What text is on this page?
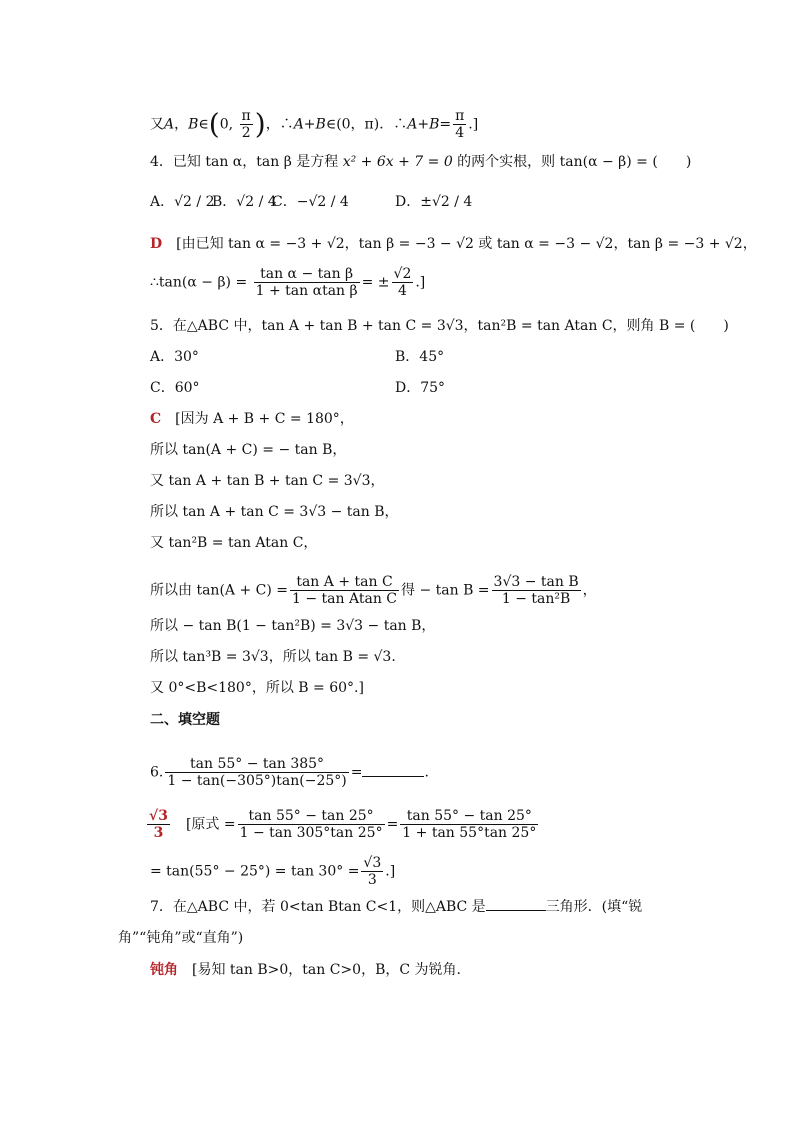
又A，B∈(0, $\frac{\pi}{2}$ )，∴A+B∈(0，π)．∴A+B= $\frac{\pi}{4}$ .]
4．已知 tan α，tan β 是方程 x² + 6x + 7 = 0 的两个实根，则 tan(α − β) = (　　)
A．√2 / 2
B．√2 / 4
C．−√2 / 4	D．±√2 / 4
D　 [由已知 tan α = −3 + √2，tan β = −3 − √2 或 tan α = −3 − √2，tan β = −3 + √2，
∴tan(α − $\beta) = \frac{\text{tan α − tan β}}{\text{1 + tan αtan β}}$ = ± $\frac{√2}{4}$ .]
5．在△ABC 中，tan A + tan B + tan C = 3√3，tan²B = tan Atan C，则角 B = (　　)
A．30°	B．45°
C．60°	D．75°
C　 [因为 A + B + C = 180°，
所以 tan(A + C) = − tan B，
又 tan A + tan B + tan C = 3√3，
所以 tan A + tan C = 3√3 − tan B，
又 tan²B = tan Atan C，
所以由 $\tan(A + C) = \frac{\text{tan A + tan C}}{\text{1 − tan Atan C}}$ 得 − $\tan B = \frac{\text{3√3 − tan B}}{\text{1 − tan²B}}$ ，
所以 − tan B(1 − tan²B) = 3√3 − tan B，
所以 tan³B = 3√3，所以 tan B = √3.
又 0°<B<180°，所以 B = 60°.]
二、填空题
6. $\frac{\tan 55^\circ - \tan 385^\circ}{1 - \tan(-305^\circ)\tan(-25^\circ)}$ =	.
$\frac{√3}{3}$
　 [原式 = $\frac{\tan 55^\circ - \tan 25^\circ}{1 - \tan 305^\circ\tan 25^\circ} = \frac{\tan 55^\circ - \tan 25^\circ}{1 + \tan 55^\circ\tan 25^\circ}$
= $\tan(55^\circ - 25^\circ) = \tan 30^\circ = \frac{√3}{3}$ .]
7．在△ABC 中，若 0<tan Btan C<1，则△ABC 是	三角形．(填“锐
角”“钝角”或“直角”)
钝角　 [易知 tan B>0，tan C>0，B，C 为锐角.
